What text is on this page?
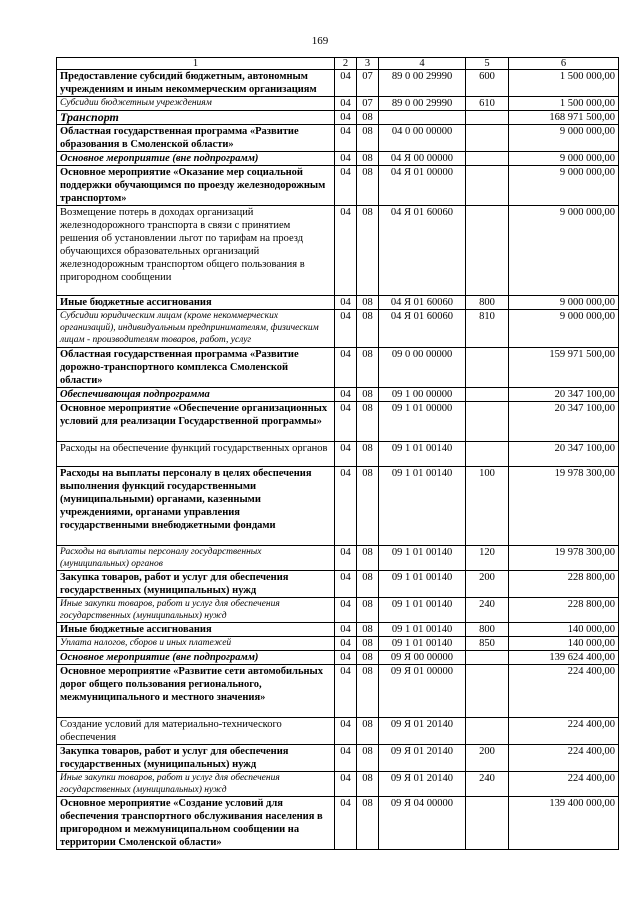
169
1	2	3	4	5	6
Предоставление субсидий бюджетным, автономным учреждениям и иным некоммерческим организациям	04	07	89 0 00 29990	600	1 500 000,00
Субсидии бюджетным учреждениям	04	07	89 0 00 29990	610	1 500 000,00
Транспорт	04	08			168 971 500,00
Областная государственная программа «Развитие образования в Смоленской области»	04	08	04 0 00 00000		9 000 000,00
Основное мероприятие (вне подпрограмм)	04	08	04 Я 00 00000		9 000 000,00
Основное мероприятие «Оказание мер социальной поддержки обучающимся по проезду железнодорожным транспортом»	04	08	04 Я 01 00000		9 000 000,00
Возмещение потерь в доходах организаций железнодорожного транспорта в связи с принятием решения об установлении льгот по тарифам на проезд обучающихся образовательных организаций железнодорожным транспортом общего пользования в пригородном сообщении	04	08	04 Я 01 60060		9 000 000,00
Иные бюджетные ассигнования	04	08	04 Я 01 60060	800	9 000 000,00
Субсидии юридическим лицам (кроме некоммерческих организаций), индивидуальным предпринимателям, физическим лицам - производителям товаров, работ, услуг	04	08	04 Я 01 60060	810	9 000 000,00
Областная государственная программа «Развитие дорожно-транспортного комплекса Смоленской области»	04	08	09 0 00 00000		159 971 500,00
Обеспечивающая подпрограмма	04	08	09 1 00 00000		20 347 100,00
Основное мероприятие «Обеспечение организационных условий для реализации Государственной программы»	04	08	09 1 01 00000		20 347 100,00
Расходы на обеспечение функций государственных органов	04	08	09 1 01 00140		20 347 100,00
Расходы на выплаты персоналу в целях обеспечения выполнения функций государственными (муниципальными) органами, казенными учреждениями, органами управления государственными внебюджетными фондами	04	08	09 1 01 00140	100	19 978 300,00
Расходы на выплаты персоналу государственных (муниципальных) органов	04	08	09 1 01 00140	120	19 978 300,00
Закупка товаров, работ и услуг для обеспечения государственных (муниципальных) нужд	04	08	09 1 01 00140	200	228 800,00
Иные закупки товаров, работ и услуг для обеспечения государственных (муниципальных) нужд	04	08	09 1 01 00140	240	228 800,00
Иные бюджетные ассигнования	04	08	09 1 01 00140	800	140 000,00
Уплата налогов, сборов и иных платежей	04	08	09 1 01 00140	850	140 000,00
Основное мероприятие (вне подпрограмм)	04	08	09 Я 00 00000		139 624 400,00
Основное мероприятие «Развитие сети автомобильных дорог общего пользования регионального, межмуниципального и местного значения»	04	08	09 Я 01 00000		224 400,00
Создание условий для материально-технического обеспечения	04	08	09 Я 01 20140		224 400,00
Закупка товаров, работ и услуг для обеспечения государственных (муниципальных) нужд	04	08	09 Я 01 20140	200	224 400,00
Иные закупки товаров, работ и услуг для обеспечения государственных (муниципальных) нужд	04	08	09 Я 01 20140	240	224 400,00
Основное мероприятие «Создание условий для обеспечения транспортного обслуживания населения в пригородном и межмуниципальном сообщении на территории Смоленской области»	04	08	09 Я 04 00000		139 400 000,00
